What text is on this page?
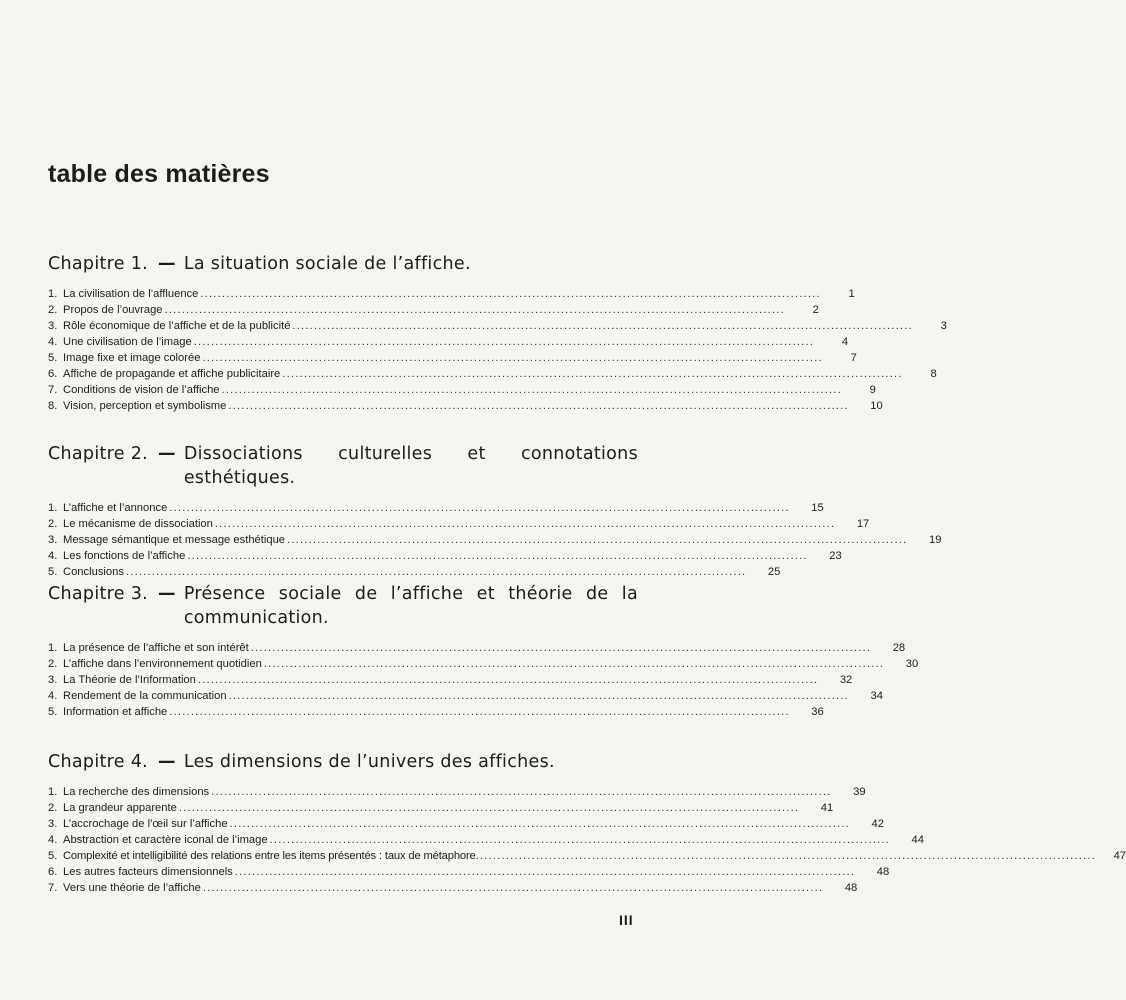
table des matières
Chapitre 1. — La situation sociale de l’affiche.
1. La civilisation de l’affluence ................................................................................................................................................	1
2. Propos de l’ouvrage ................................................................................................................................................	2
3. Rôle économique de l’affiche et de la publicité ................................................................................................................................................	3
4. Une civilisation de l’image ................................................................................................................................................	4
5. Image fixe et image colorée ................................................................................................................................................	7
6. Affiche de propagande et affiche publicitaire ................................................................................................................................................	8
7. Conditions de vision de l’affiche ................................................................................................................................................	9
8. Vision, perception et symbolisme ................................................................................................................................................	10
Chapitre 2. — Dissociations culturelles et connotations esthétiques.
1. L’affiche et l’annonce ................................................................................................................................................	15
2. Le mécanisme de dissociation ................................................................................................................................................	17
3. Message sémantique et message esthétique ................................................................................................................................................	19
4. Les fonctions de l’affiche ................................................................................................................................................	23
5. Conclusions ................................................................................................................................................	25
Chapitre 3. — Présence sociale de l’affiche et théorie de la communication.
1. La présence de l’affiche et son intérêt ................................................................................................................................................	28
2. L’affiche dans l’environnement quotidien ................................................................................................................................................	30
3. La Théorie de l’Information ................................................................................................................................................	32
4. Rendement de la communication ................................................................................................................................................	34
5. Information et affiche ................................................................................................................................................	36
Chapitre 4. — Les dimensions de l’univers des affiches.
1. La recherche des dimensions ................................................................................................................................................	39
2. La grandeur apparente ................................................................................................................................................	41
3. L’accrochage de l’œil sur l’affiche ................................................................................................................................................	42
4. Abstraction et caractère iconal de l’image ................................................................................................................................................	44
5. Complexité et intelligibilité des relations entre les items présentés : taux de métaphore ................................................................................................................................................	47
6. Les autres facteurs dimensionnels ................................................................................................................................................	48
7. Vers une théorie de l’affiche ................................................................................................................................................	48
III
